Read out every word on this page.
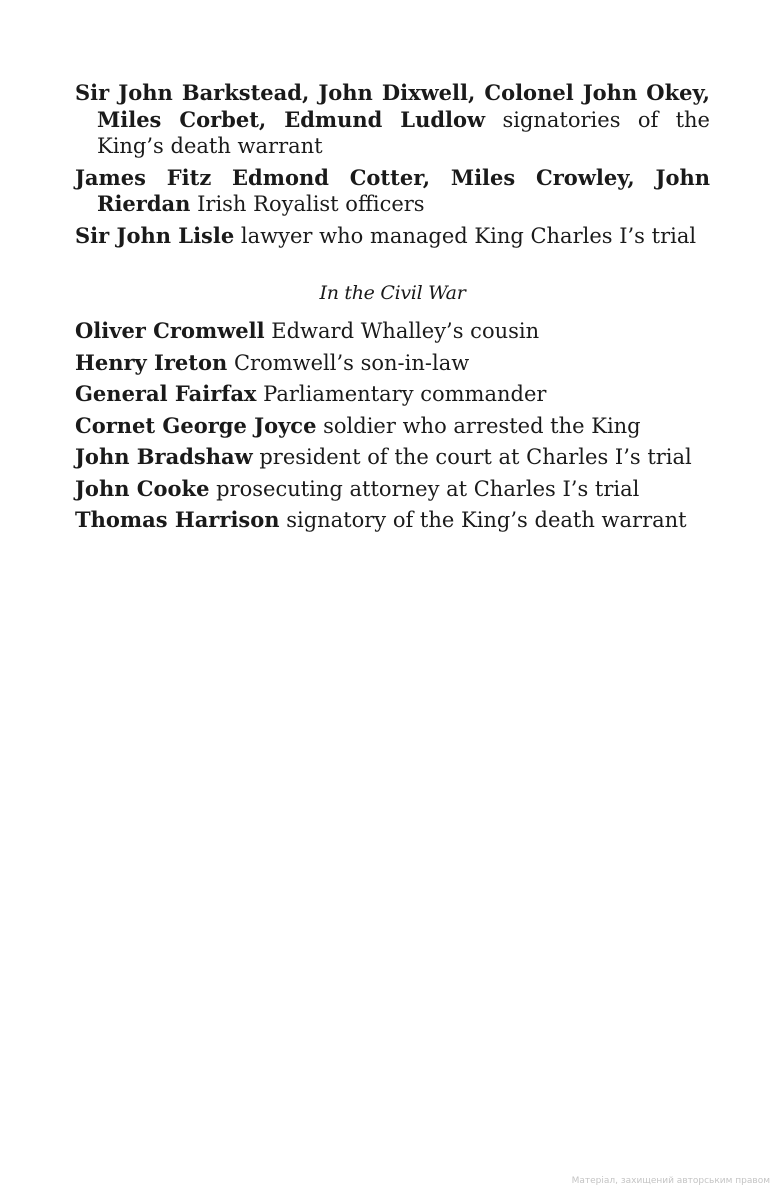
Sir John Barkstead, John Dixwell, Colonel John Okey, Miles Corbet, Edmund Ludlow signatories of the King’s death warrant

James Fitz Edmond Cotter, Miles Crowley, John Rierdan Irish Royalist officers

Sir John Lisle lawyer who managed King Charles I’s trial

In the Civil War

Oliver Cromwell Edward Whalley’s cousin

Henry Ireton Cromwell’s son-in-law

General Fairfax Parliamentary commander

Cornet George Joyce soldier who arrested the King

John Bradshaw president of the court at Charles I’s trial

John Cooke prosecuting attorney at Charles I’s trial

Thomas Harrison signatory of the King’s death warrant

Матеріал, захищений авторським правом
